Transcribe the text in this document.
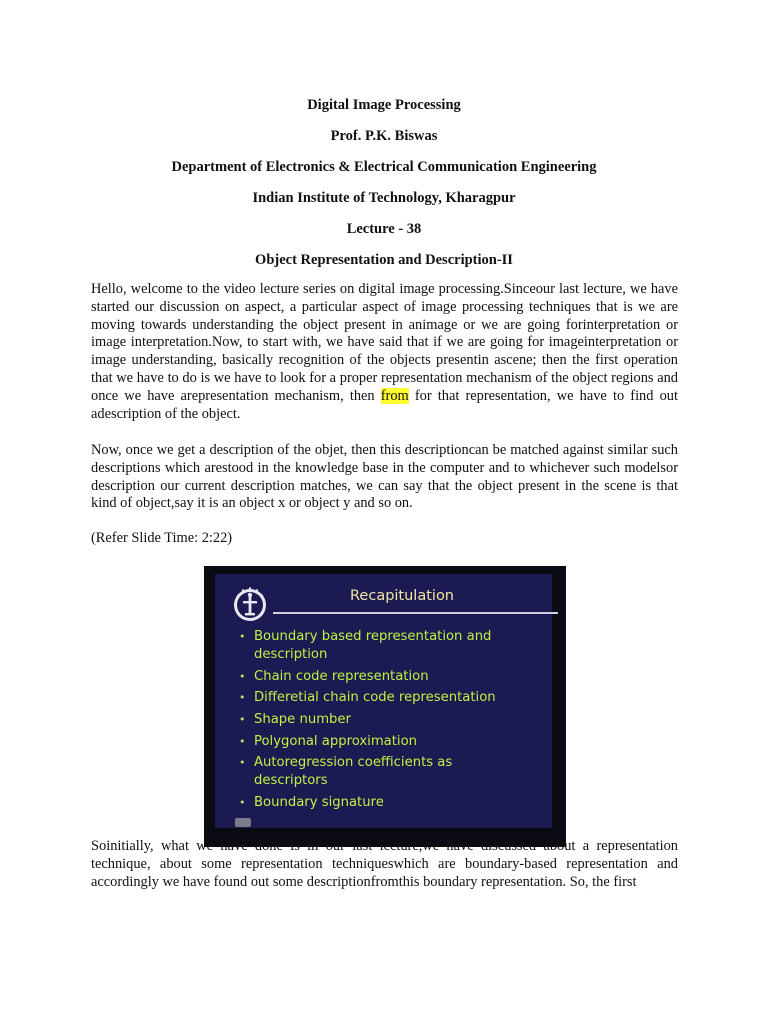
Digital Image Processing
Prof. P.K. Biswas
Department of Electronics & Electrical Communication Engineering
Indian Institute of Technology, Kharagpur
Lecture - 38
Object Representation and Description-II

Hello, welcome to the video lecture series on digital image processing.Sinceour last lecture, we have started our discussion on aspect, a particular aspect of image processing techniques that is we are moving towards understanding the object present in animage or we are going forinterpretation or image interpretation.Now, to start with, we have said that if we are going for imageinterpretation or image understanding, basically recognition of the objects presentin ascene; then the first operation that we have to do is we have to look for a proper representation mechanism of the object regions and once we have arepresentation mechanism, then from for that representation, we have to find out adescription of the object.

Now, once we get a description of the objet, then this descriptioncan be matched against similar such descriptions which arestood in the knowledge base in the computer and to whichever such modelsor description our current description matches, we can say that the object present in the scene is that kind of object,say it is an object x or object y and so on.

(Refer Slide Time: 2:22)

Recapitulation
• Boundary based representation and description
• Chain code representation
• Differetial chain code representation
• Shape number
• Polygonal approximation
• Autoregression coefficients as descriptors
• Boundary signature

Soinitially, what we have done is in our last lecture,we have discussed about a representation technique, about some representation techniqueswhich are boundary-based representation and accordingly we have found out some descriptionfromthis boundary representation. So, the first
